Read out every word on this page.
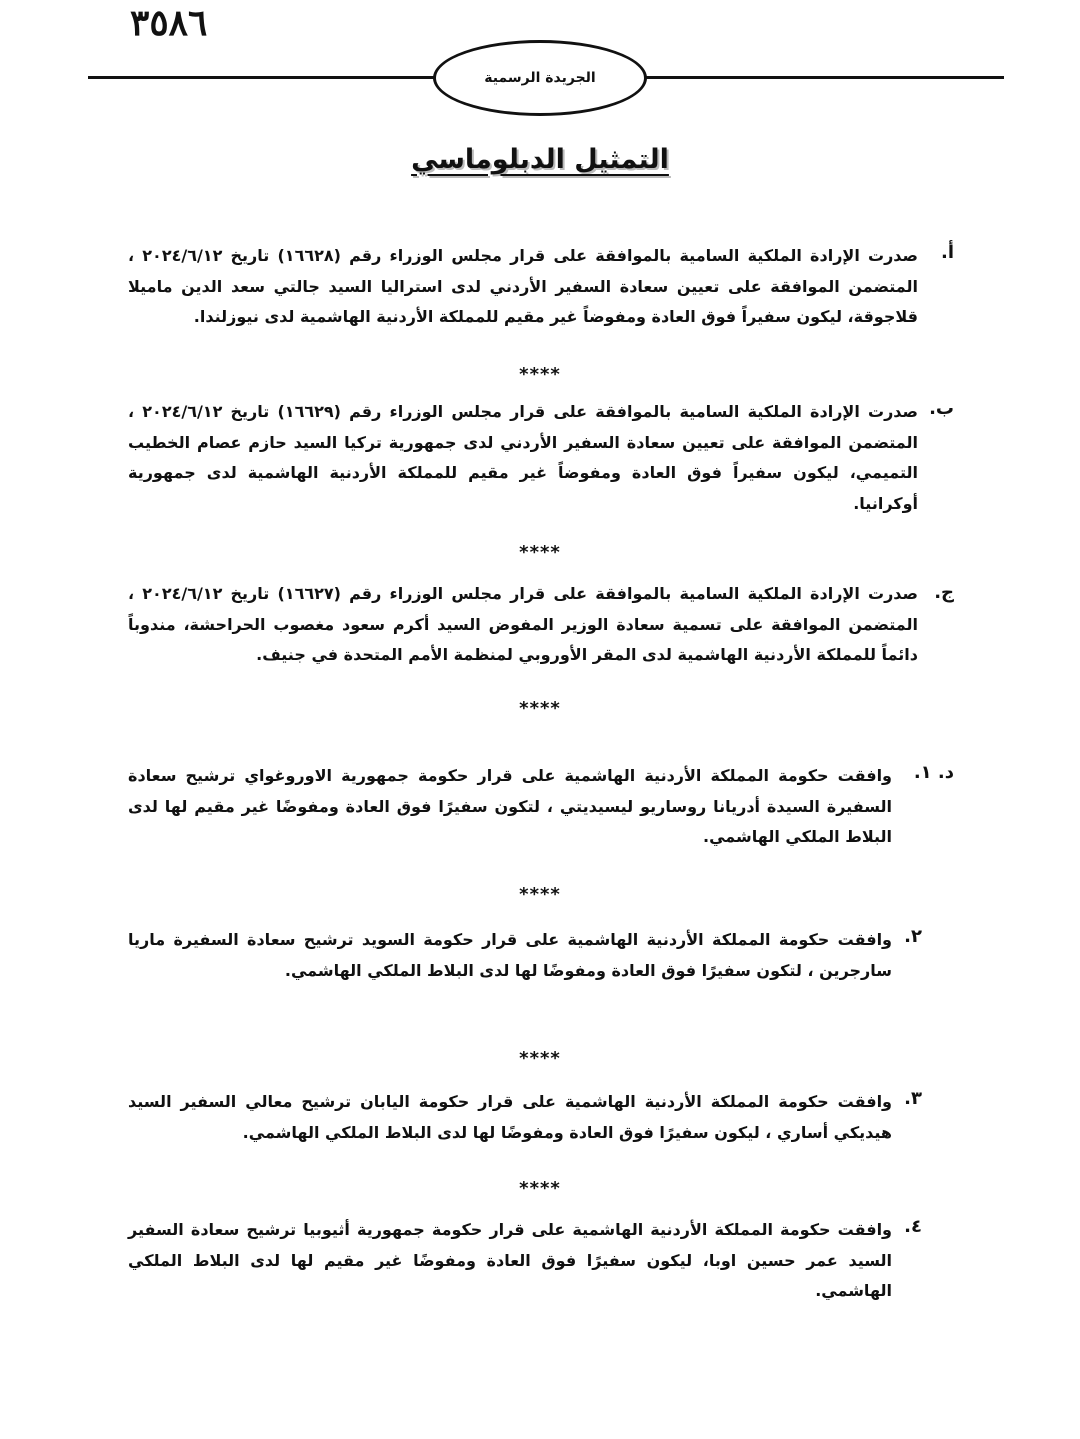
٣٥٨٦
الجريدة الرسمية
التمثيل الدبلوماسي
أ.
صدرت الإرادة الملكية السامية بالموافقة على قرار مجلس الوزراء رقم (١٦٦٢٨) تاريخ ٢٠٢٤/٦/١٢ ، المتضمن الموافقة على تعيين سعادة السفير الأردني لدى استراليا السيد جالتي سعد الدين ماميلا قلاجوقة، ليكون سفيراً فوق العادة ومفوضاً غير مقيم للمملكة الأردنية الهاشمية لدى نيوزلندا.
****
ب.
صدرت الإرادة الملكية السامية بالموافقة على قرار مجلس الوزراء رقم (١٦٦٢٩) تاريخ ٢٠٢٤/٦/١٢ ، المتضمن الموافقة على تعيين سعادة السفير الأردني لدى جمهورية تركيا السيد حازم عصام الخطيب التميمي، ليكون سفيراً فوق العادة ومفوضاً غير مقيم للمملكة الأردنية الهاشمية لدى جمهورية أوكرانيا.
****
ج.
صدرت الإرادة الملكية السامية بالموافقة على قرار مجلس الوزراء رقم (١٦٦٢٧) تاريخ ٢٠٢٤/٦/١٢ ، المتضمن الموافقة على تسمية سعادة الوزير المفوض السيد أكرم سعود مغصوب الحراحشة، مندوباً دائماً للمملكة الأردنية الهاشمية لدى المقر الأوروبي لمنظمة الأمم المتحدة في جنيف.
****
د. ١.
وافقت حكومة المملكة الأردنية الهاشمية على قرار حكومة جمهورية الاوروغواي ترشيح سعادة السفيرة السيدة أدريانا روساريو ليسيديتي ، لتكون سفيرًا فوق العادة ومفوضًا غير مقيم لها لدى البلاط الملكي الهاشمي.
****
٢.
وافقت حكومة المملكة الأردنية الهاشمية على قرار حكومة السويد ترشيح سعادة السفيرة ماريا سارجرين ، لتكون سفيرًا فوق العادة ومفوضًا لها لدى البلاط الملكي الهاشمي.
****
٣.
وافقت حكومة المملكة الأردنية الهاشمية على قرار حكومة اليابان ترشيح معالي السفير السيد هيديكي أساري ، ليكون سفيرًا فوق العادة ومفوضًا لها لدى البلاط الملكي الهاشمي.
****
٤.
وافقت حكومة المملكة الأردنية الهاشمية على قرار حكومة جمهورية أثيوبيا ترشيح سعادة السفير السيد عمر حسين اوبا، ليكون سفيرًا فوق العادة ومفوضًا غير مقيم لها لدى البلاط الملكي الهاشمي.
